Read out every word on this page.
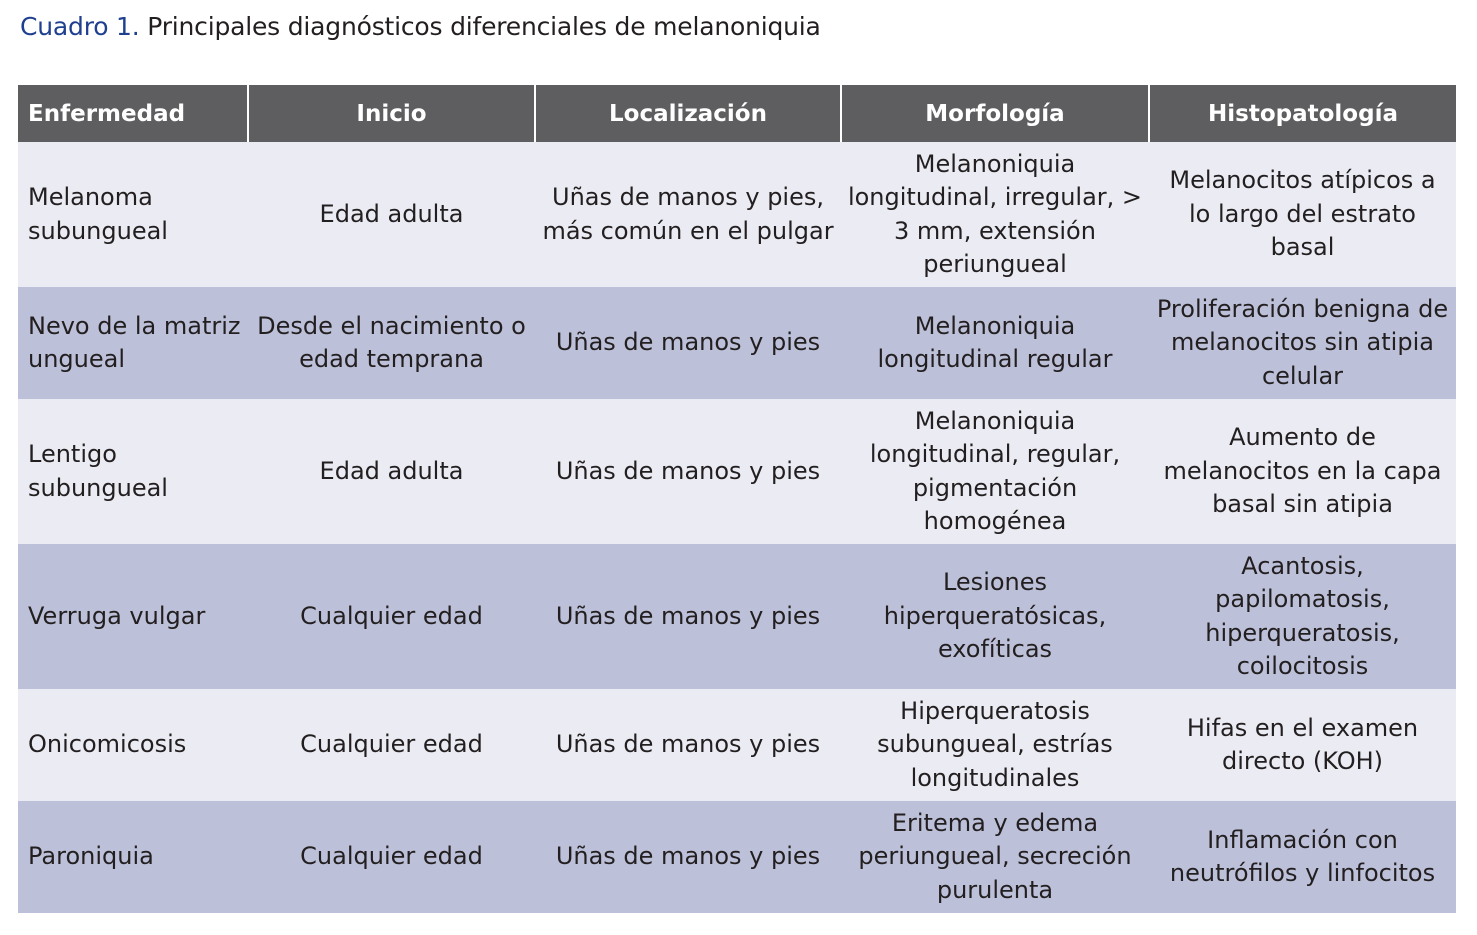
Cuadro 1. Principales diagnósticos diferenciales de melanoniquia
Enfermedad	Inicio	Localización	Morfología	Histopatología
Melanoma subungueal	Edad adulta	Uñas de manos y pies, más común en el pulgar	Melanoniquia longitudinal, irregular, > 3 mm, extensión periungueal	Melanocitos atípicos a lo largo del estrato basal
Nevo de la matriz ungueal	Desde el nacimiento o edad temprana	Uñas de manos y pies	Melanoniquia longitudinal regular	Proliferación benigna de melanocitos sin atipia celular
Lentigo subungueal	Edad adulta	Uñas de manos y pies	Melanoniquia longitudinal, regular, pigmentación homogénea	Aumento de melanocitos en la capa basal sin atipia
Verruga vulgar	Cualquier edad	Uñas de manos y pies	Lesiones hiperqueratósicas, exofíticas	Acantosis, papilomatosis, hiperqueratosis, coilocitosis
Onicomicosis	Cualquier edad	Uñas de manos y pies	Hiperqueratosis subungueal, estrías longitudinales	Hifas en el examen directo (KOH)
Paroniquia	Cualquier edad	Uñas de manos y pies	Eritema y edema periungueal, secreción purulenta	Inflamación con neutrófilos y linfocitos
